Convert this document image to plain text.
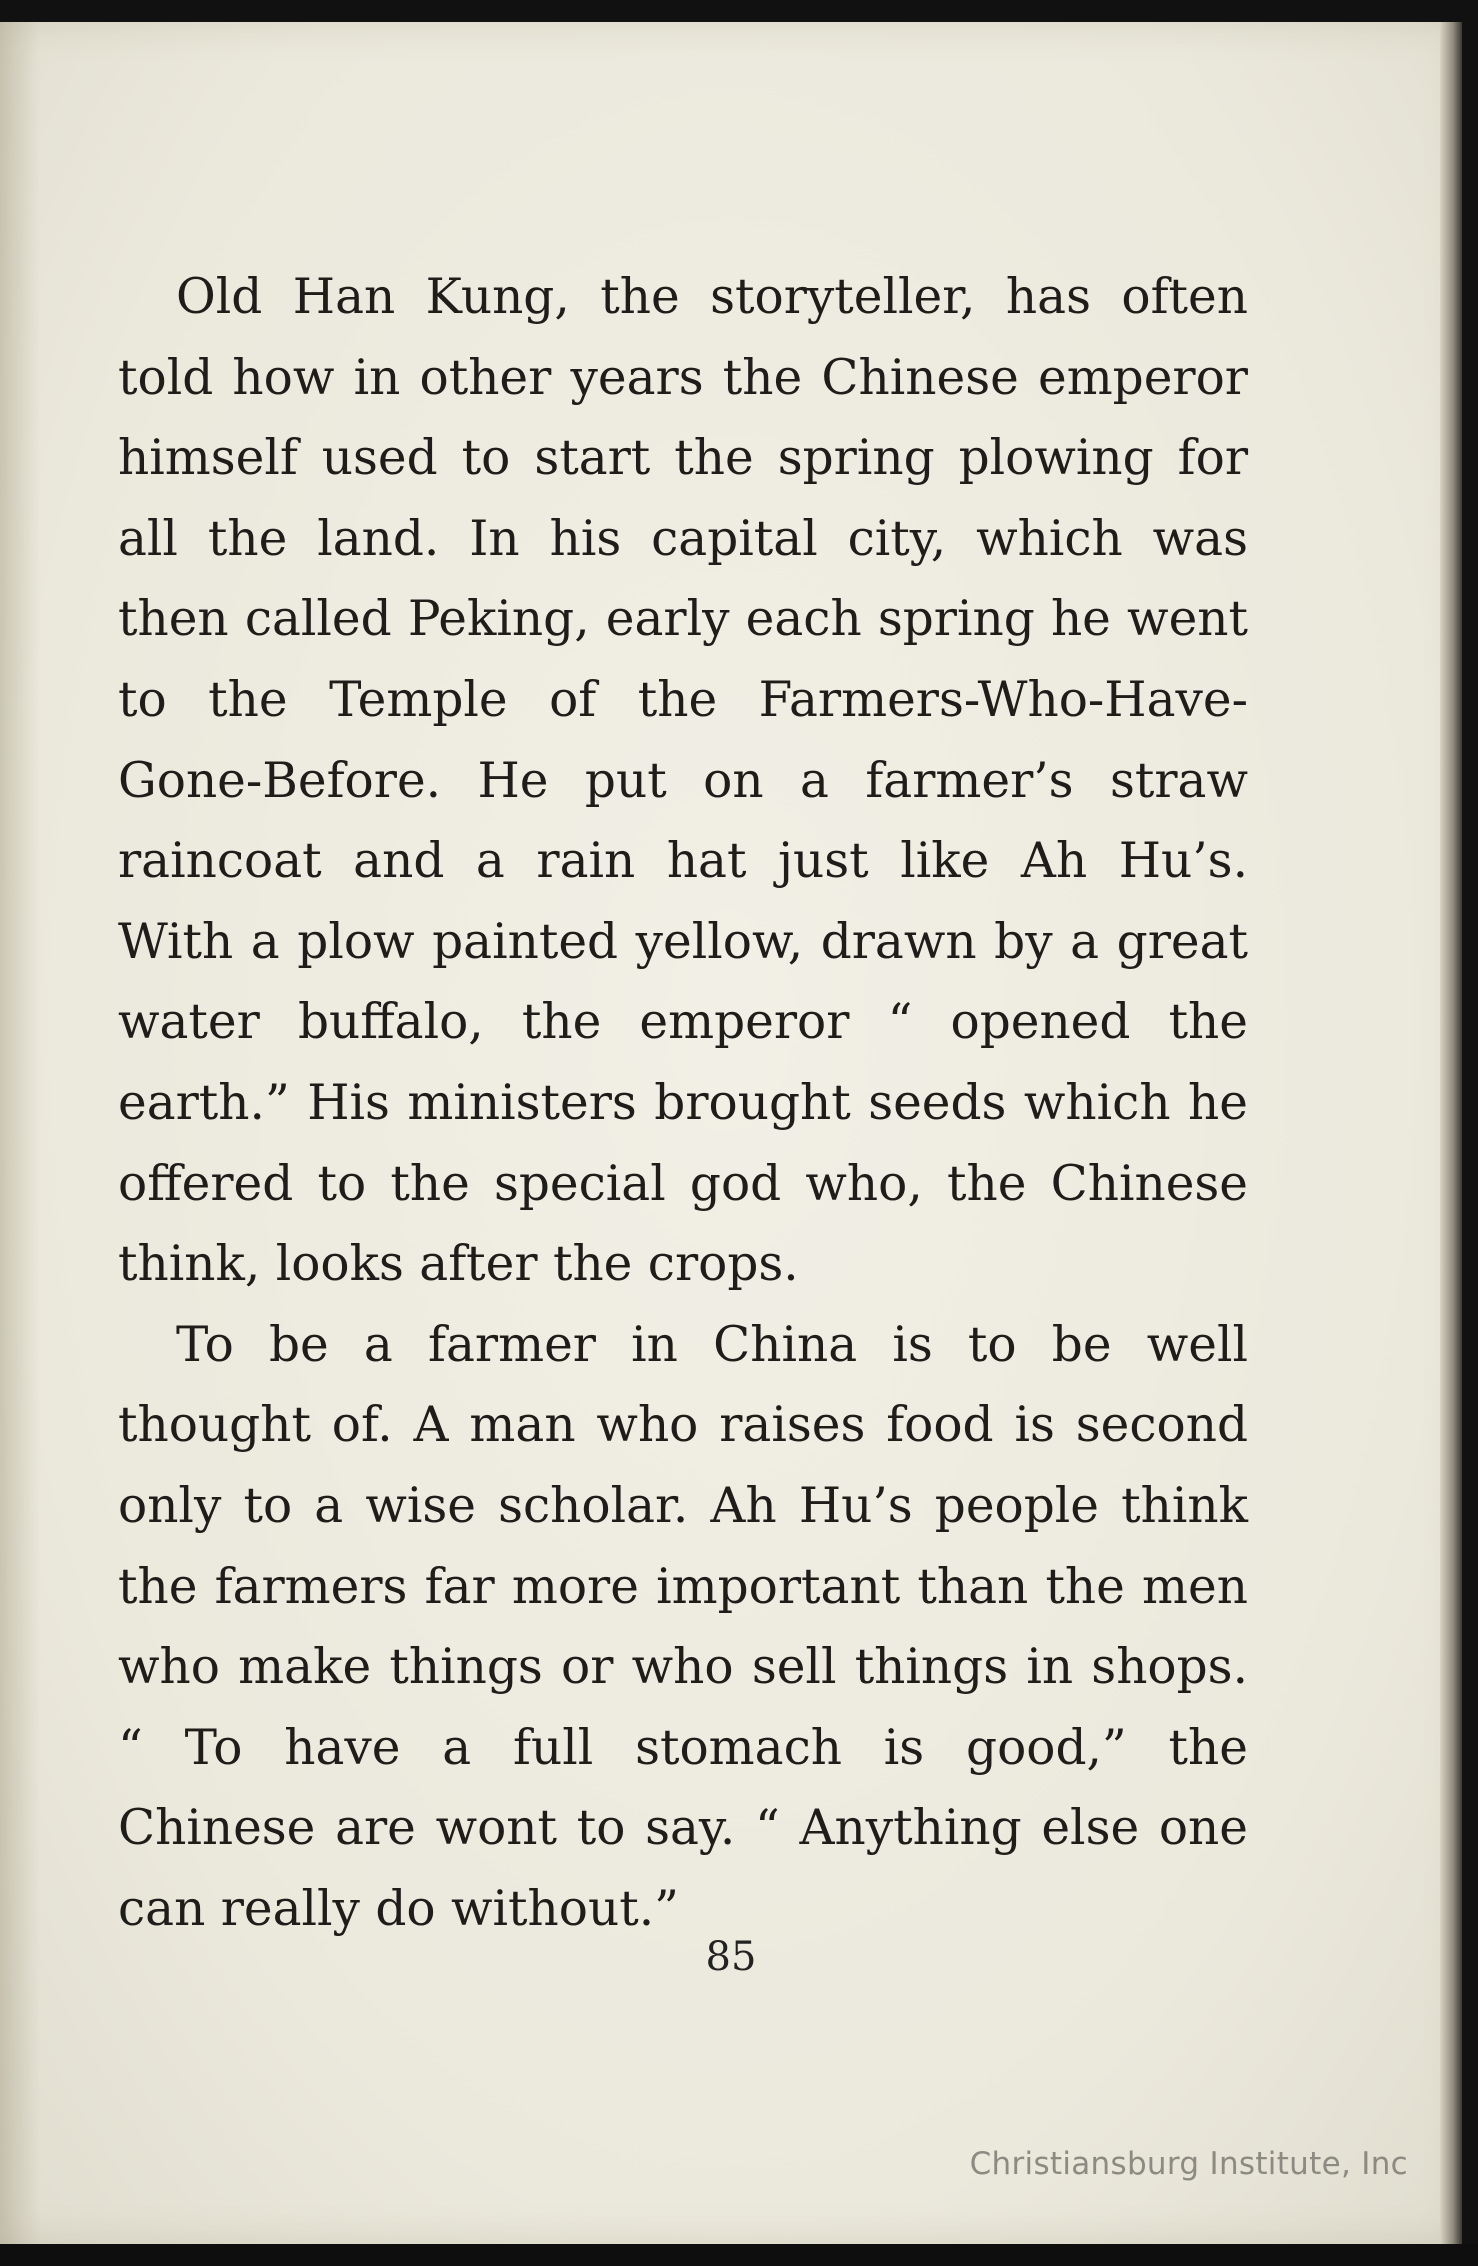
Old Han Kung, the storyteller, has often told how in other years the Chinese emperor himself used to start the spring plowing for all the land. In his capital city, which was then called Peking, early each spring he went to the Temple of the Farmers-Who-Have-Gone-Before. He put on a farmer’s straw raincoat and a rain hat just like Ah Hu’s. With a plow painted yellow, drawn by a great water buffalo, the emperor “ opened the earth.” His ministers brought seeds which he offered to the special god who, the Chinese think, looks after the crops.

To be a farmer in China is to be well thought of. A man who raises food is second only to a wise scholar. Ah Hu’s people think the farmers far more important than the men who make things or who sell things in shops. “ To have a full stomach is good,” the Chinese are wont to say. “ Anything else one can really do without.”

85
Christiansburg Institute, Inc
